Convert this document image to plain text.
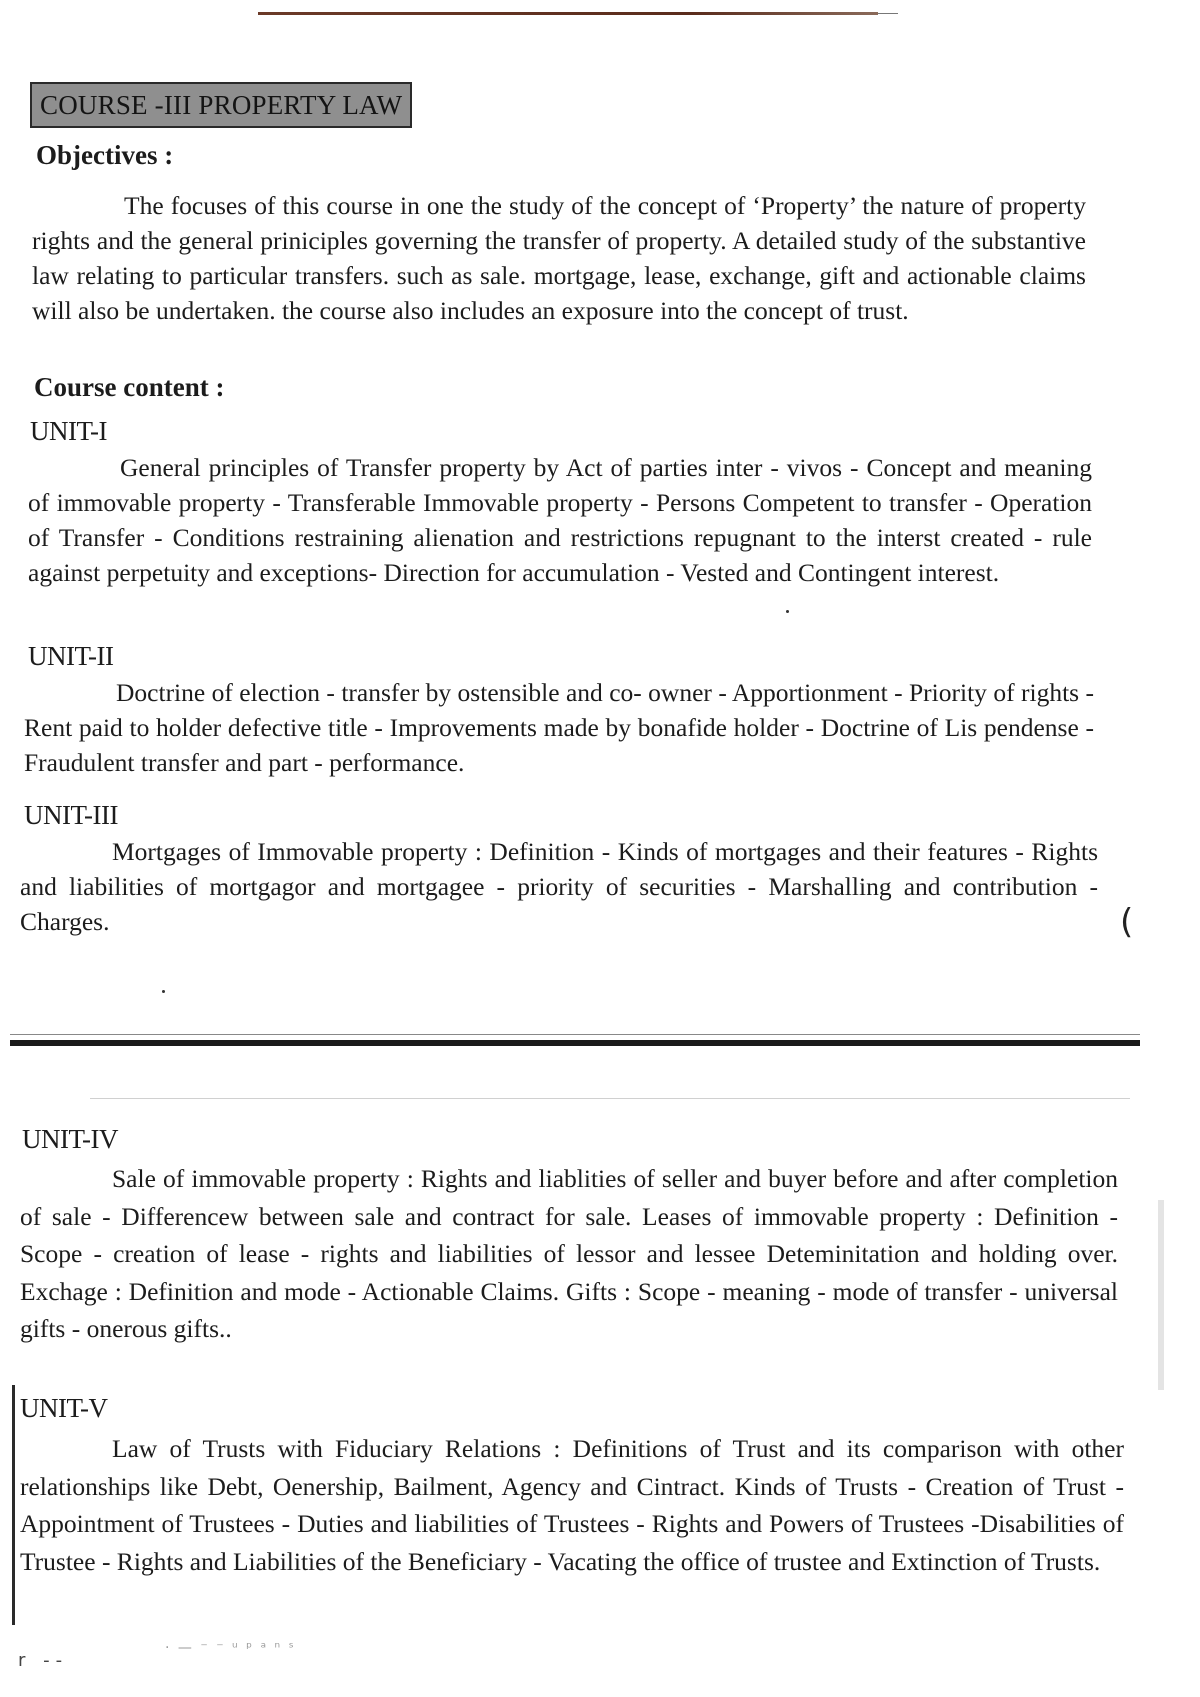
COURSE -III PROPERTY LAW
Objectives :
The focuses of this course in one the study of the concept of ‘Property’ the nature of property rights and the general priniciples governing the transfer of property. A detailed study of the substantive law relating to particular transfers. such as sale. mortgage, lease, exchange, gift and actionable claims will also be undertaken. the course also includes an exposure into the concept of trust.
Course content :
UNIT-I
General principles of Transfer property by Act of parties inter - vivos - Concept and meaning of immovable property - Transferable Immovable property - Persons Competent to transfer - Operation of Transfer - Conditions restraining alienation and restrictions repugnant to the interst created - rule against perpetuity and exceptions- Direction for accumulation - Vested and Contingent interest.
UNIT-II
Doctrine of election - transfer by ostensible and co- owner - Apportionment - Priority of rights - Rent paid to holder defective title - Improvements made by bonafide holder - Doctrine of Lis pendense - Fraudulent transfer and part - performance.
UNIT-III
Mortgages of Immovable property : Definition - Kinds of mortgages and their features - Rights and liabilities of mortgagor and mortgagee - priority of securities - Marshalling and contribution - Charges.	(
UNIT-IV
Sale of immovable property : Rights and liablities of seller and buyer before and after completion of sale - Differencew between sale and contract for sale. Leases of immovable property : Definition - Scope - creation of lease - rights and liabilities of lessor and lessee Deteminitation and holding over. Exchage : Definition and mode - Actionable Claims. Gifts : Scope - meaning - mode of transfer - universal gifts - onerous gifts..
UNIT-V
Law of Trusts with Fiduciary Relations : Definitions of Trust and its comparison with other relationships like Debt, Oenership, Bailment, Agency and Cintract. Kinds of Trusts - Creation of Trust - Appointment of Trustees - Duties and liabilities of Trustees - Rights and Powers of Trustees -Disabilities of Trustee - Rights and Liabilities of the Beneficiary - Vacating the office of trustee and Extinction of Trusts.
r --
· — ⁻ ⁻ ᵘ ᵖ ᵃ ⁿ ˢ
